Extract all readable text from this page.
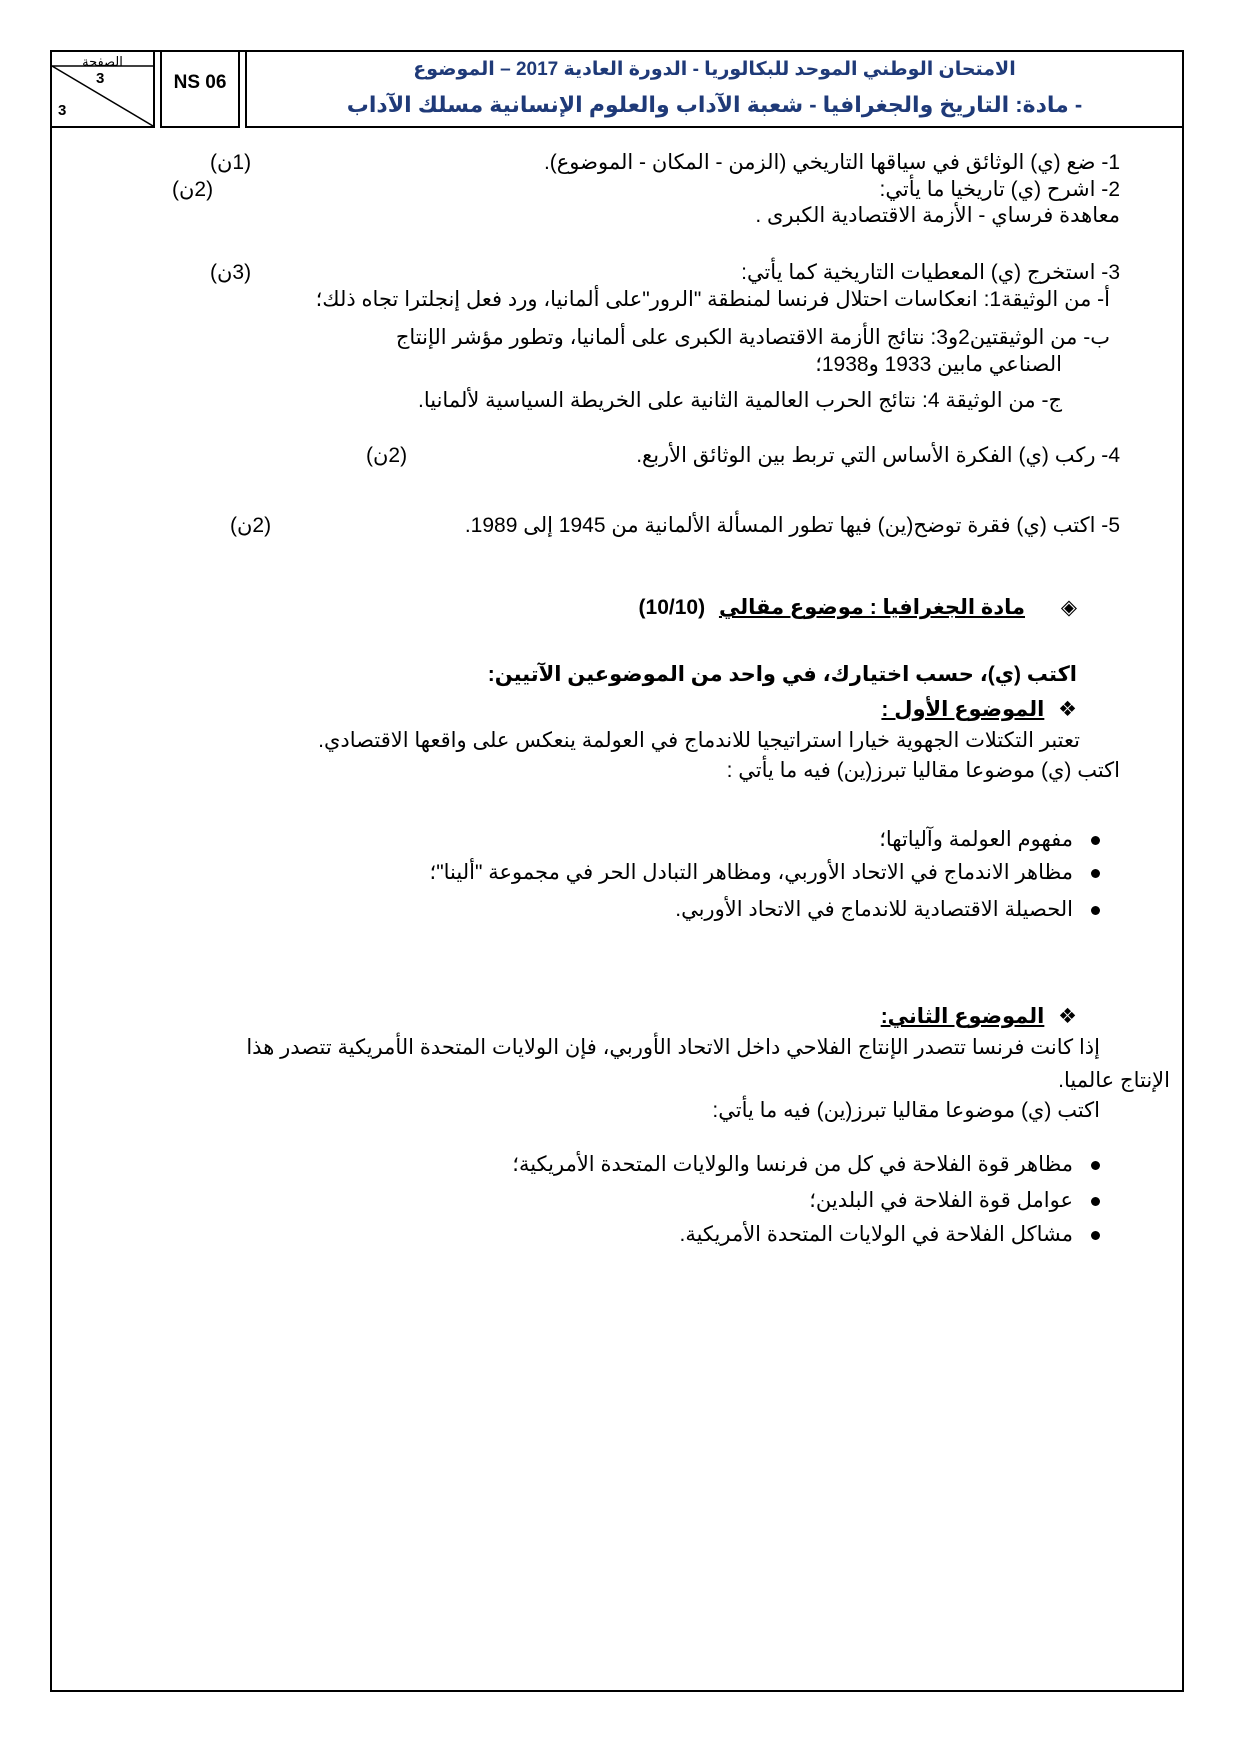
الصفحة
3
3
NS 06
الامتحان الوطني الموحد للبكالوريا - الدورة العادية 2017 – الموضوع
- مادة: التاريخ والجغرافيا - شعبة الآداب والعلوم الإنسانية مسلك الآداب
1- ضع (ي) الوثائق في سياقها التاريخي (الزمن - المكان - الموضوع).
(1ن)
2- اشرح (ي) تاريخيا ما يأتي:
(2ن)
معاهدة فرساي - الأزمة الاقتصادية الكبرى .
3- استخرج (ي) المعطيات التاريخية كما يأتي:
(3ن)
أ- من الوثيقة1: انعكاسات احتلال فرنسا لمنطقة "الرور"على ألمانيا، ورد فعل إنجلترا تجاه ذلك؛
ب- من الوثيقتين2و3: نتائج الأزمة الاقتصادية الكبرى على ألمانيا، وتطور مؤشر الإنتاج
الصناعي مابين 1933 و1938؛
ج- من الوثيقة 4: نتائج الحرب العالمية الثانية على الخريطة السياسية لألمانيا.
4- ركب (ي) الفكرة الأساس التي تربط بين الوثائق الأربع.
(2ن)
5- اكتب (ي) فقرة توضح(ين) فيها تطور المسألة الألمانية من 1945 إلى 1989.
(2ن)
◈ مادة الجغرافيا : موضوع مقالي (10/10)
اكتب (ي)، حسب اختيارك، في واحد من الموضوعين الآتيين:
❖ الموضوع الأول :
تعتبر التكتلات الجهوية خيارا استراتيجيا للاندماج في العولمة ينعكس على واقعها الاقتصادي.
اكتب (ي) موضوعا مقاليا تبرز(ين) فيه ما يأتي :
مفهوم العولمة وآلياتها؛
مظاهر الاندماج في الاتحاد الأوربي، ومظاهر التبادل الحر في مجموعة "ألينا"؛
الحصيلة الاقتصادية للاندماج في الاتحاد الأوربي.
❖ الموضوع الثاني:
إذا كانت فرنسا تتصدر الإنتاج الفلاحي داخل الاتحاد الأوربي، فإن الولايات المتحدة الأمريكية تتصدر هذا
الإنتاج عالميا.
اكتب (ي) موضوعا مقاليا تبرز(ين) فيه ما يأتي:
مظاهر قوة الفلاحة في كل من فرنسا والولايات المتحدة الأمريكية؛
عوامل قوة الفلاحة في البلدين؛
مشاكل الفلاحة في الولايات المتحدة الأمريكية.
